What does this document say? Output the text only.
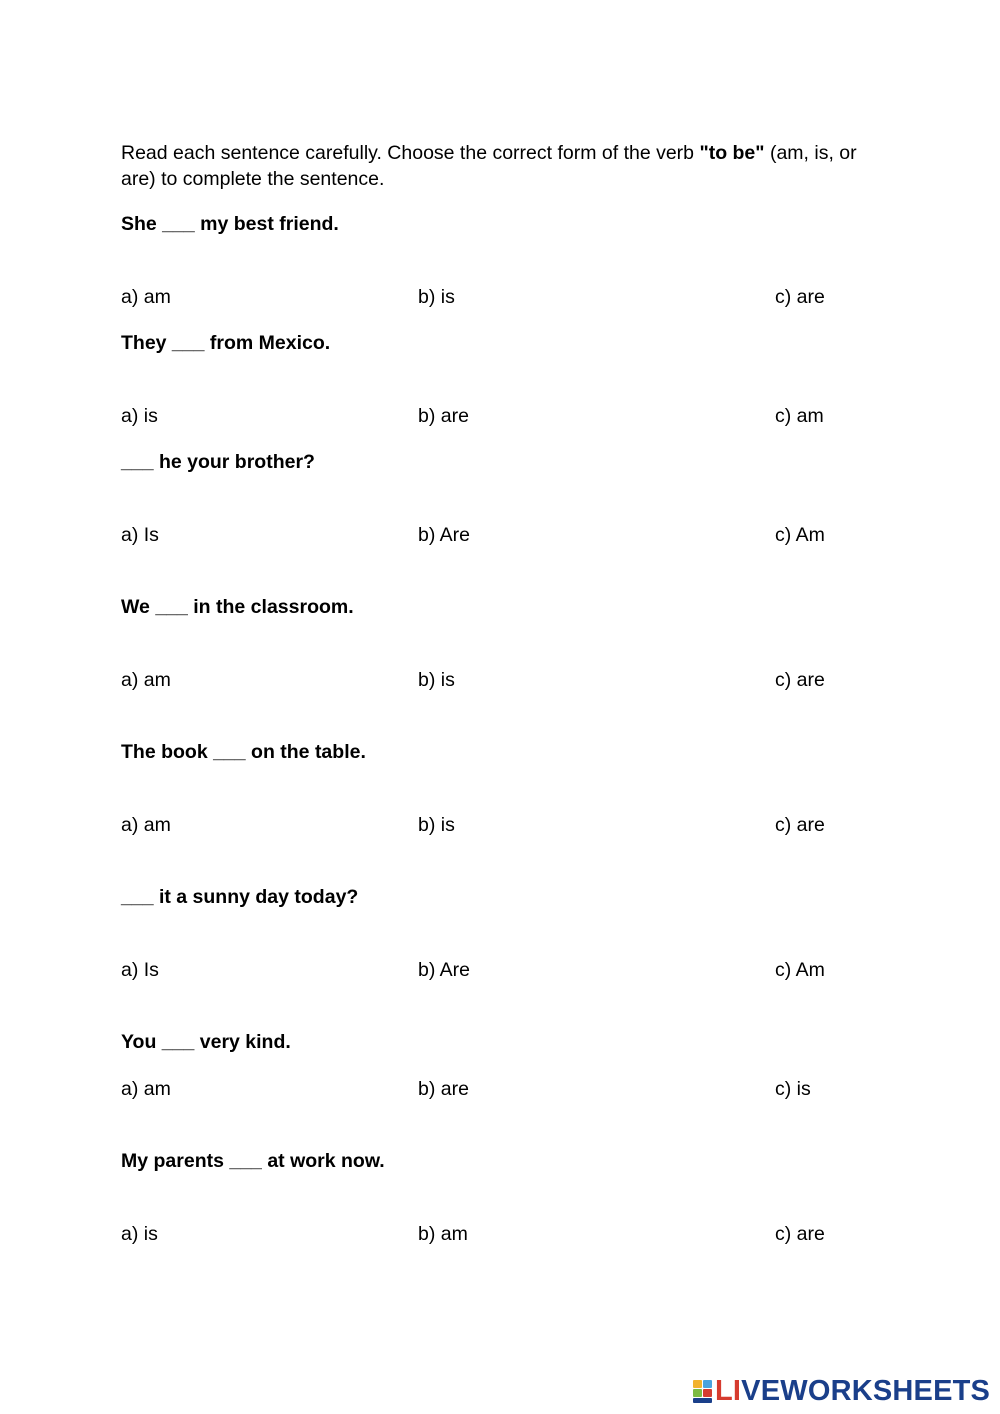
Read each sentence carefully. Choose the correct form of the verb "to be" (am, is, or are) to complete the sentence.
She ___ my best friend.
a) am	b) is	c) are
They ___ from Mexico.
a) is	b) are	c) am
___ he your brother?
a) Is	b) Are	c) Am
We ___ in the classroom.
a) am	b) is	c) are
The book ___ on the table.
a) am	b) is	c) are
___ it a sunny day today?
a) Is	b) Are	c) Am
You ___ very kind.
a) am	b) are	c) is
My parents ___ at work now.
a) is	b) am	c) are
LIVEWORKSHEETS
